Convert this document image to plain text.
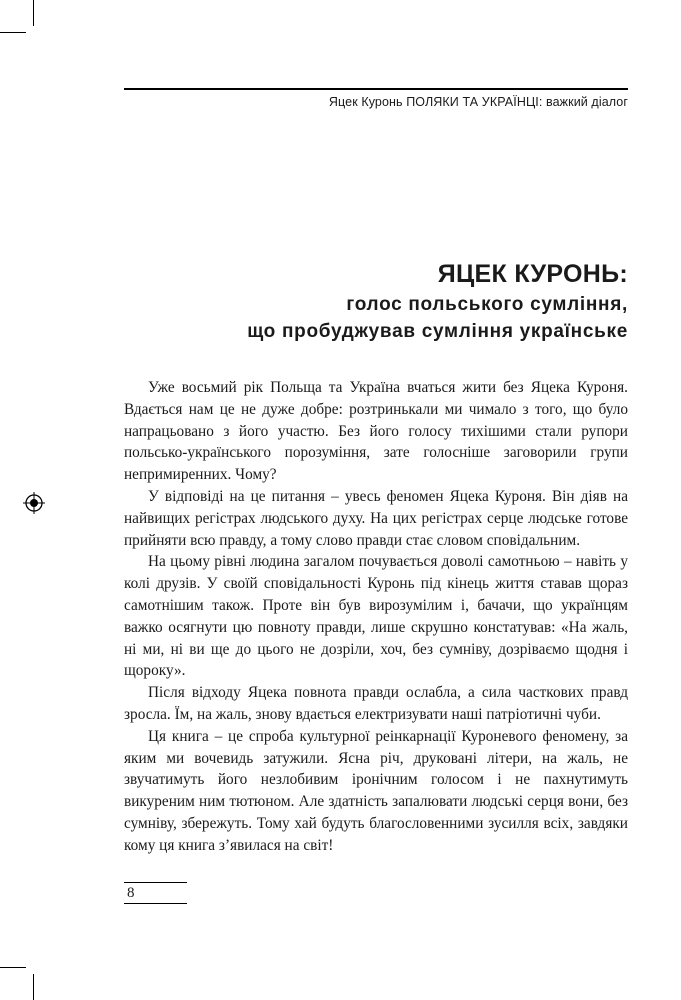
Яцек Куронь ПОЛЯКИ ТА УКРАЇНЦІ: важкий діалог
ЯЦЕК КУРОНЬ:
голос польського сумління,
що пробуджував сумління українське

Уже восьмий рік Польща та Україна вчаться жити без Яцека Куроня. Вдається нам це не дуже добре: розтринькали ми чимало з того, що було напрацьовано з його участю. Без його голосу тихішими стали рупори польсько-українського порозуміння, зате голосніше заговорили групи непримиренних. Чому?

У відповіді на це питання – увесь феномен Яцека Куроня. Він діяв на найвищих регістрах людського духу. На цих регістрах серце людське готове прийняти всю правду, а тому слово правди стає словом сповідальним.

На цьому рівні людина загалом почувається доволі самотньою – навіть у колі друзів. У своїй сповідальності Куронь під кінець життя ставав щораз самотнішим також. Проте він був вирозумілим і, бачачи, що українцям важко осягнути цю повноту правди, лише скрушно констатував: «На жаль, ні ми, ні ви ще до цього не дозріли, хоч, без сумніву, дозріваємо щодня і щороку».

Після відходу Яцека повнота правди ослабла, а сила часткових правд зросла. Їм, на жаль, знову вдається електризувати наші патріотичні чуби.

Ця книга – це спроба культурної реінкарнації Куроневого феномену, за яким ми вочевидь затужили. Ясна річ, друковані літери, на жаль, не звучатимуть його незлобивим іронічним голосом і не пахнутимуть викуреним ним тютюном. Але здатність запалювати людські серця вони, без сумніву, збережуть. Тому хай будуть благословенними зусилля всіх, завдяки кому ця книга з’явилася на світ!

8
